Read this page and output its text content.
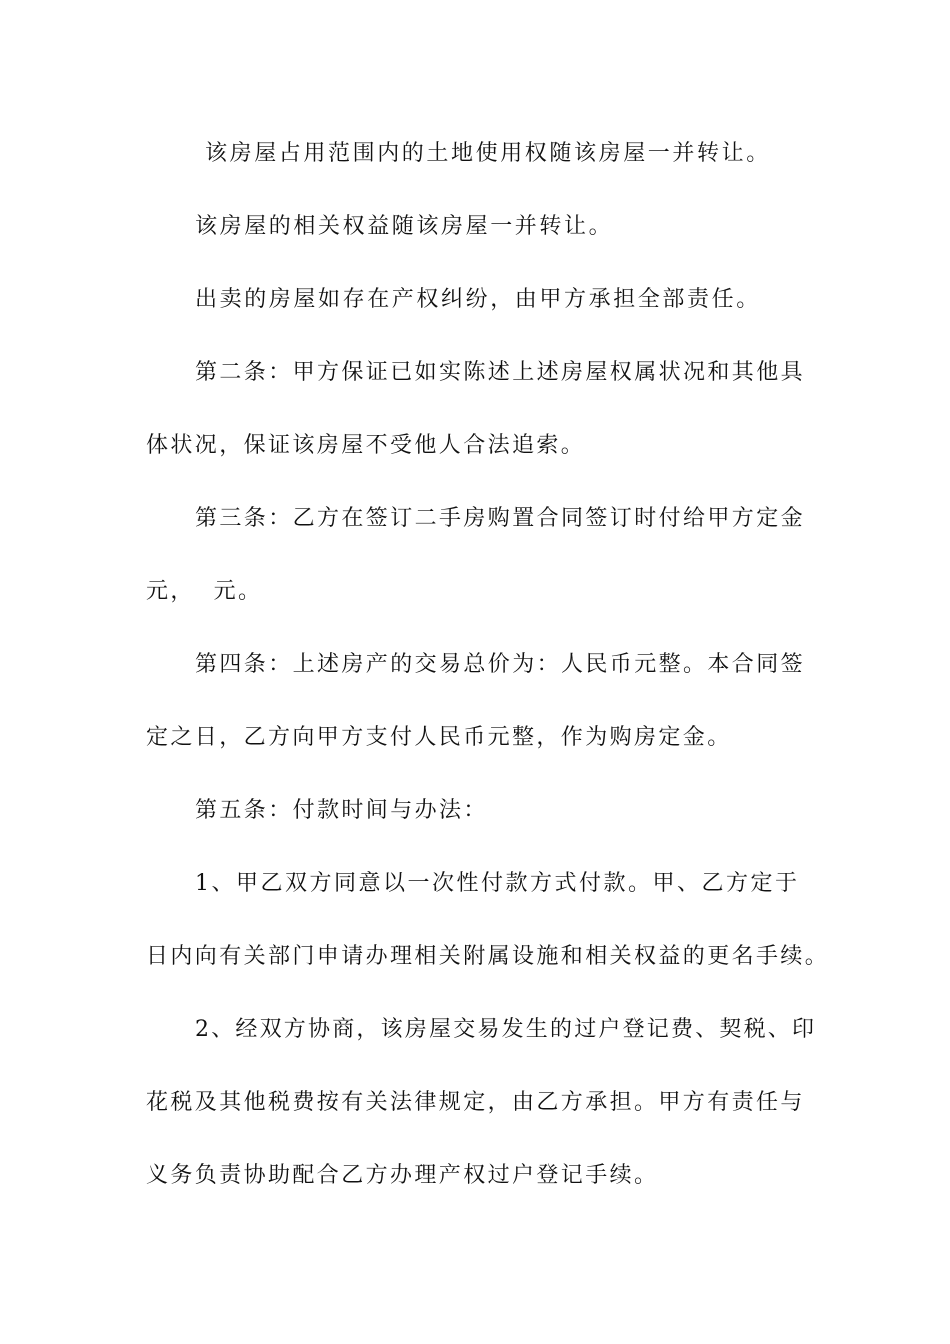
该房屋占用范围内的土地使用权随该房屋一并转让。
该房屋的相关权益随该房屋一并转让。
出卖的房屋如存在产权纠纷，由甲方承担全部责任。
第二条：甲方保证已如实陈述上述房屋权属状况和其他具
体状况，保证该房屋不受他人合法追索。
第三条：乙方在签订二手房购置合同签订时付给甲方定金
元，  元。
第四条：上述房产的交易总价为：人民币元整。本合同签
定之日，乙方向甲方支付人民币元整，作为购房定金。
第五条：付款时间与办法：
1、甲乙双方同意以一次性付款方式付款。甲、乙方定于
日内向有关部门申请办理相关附属设施和相关权益的更名手续。
2、经双方协商，该房屋交易发生的过户登记费、契税、印
花税及其他税费按有关法律规定，由乙方承担。甲方有责任与
义务负责协助配合乙方办理产权过户登记手续。
